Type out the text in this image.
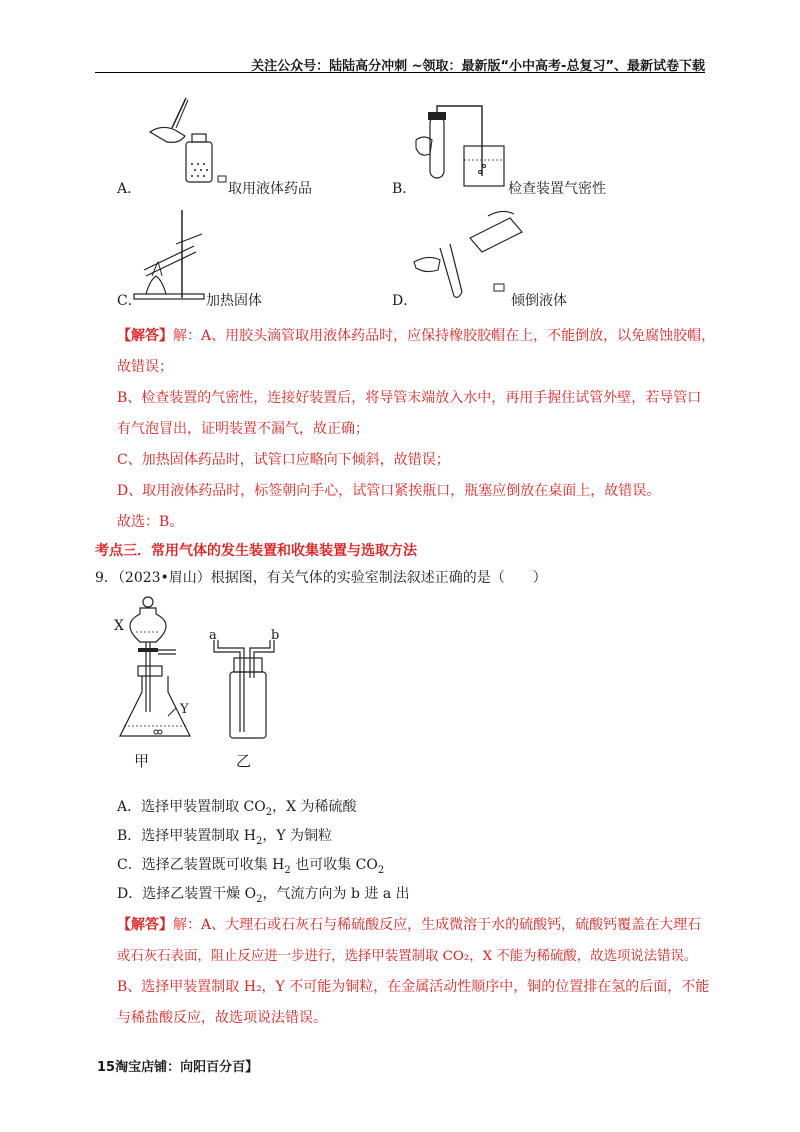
关注公众号：陆陆高分冲刺 ~领取：最新版“小中高考-总复习”、最新试卷下载
A．	取用液体药品	B．	检查装置气密性
C．	加热固体	D．	倾倒液体
【解答】解：A、用胶头滴管取用液体药品时，应保持橡胶胶帽在上，不能倒放，以免腐蚀胶帽，
故错误；
B、检查装置的气密性，连接好装置后，将导管末端放入水中，再用手握住试管外壁，若导管口
有气泡冒出，证明装置不漏气，故正确；
C、加热固体药品时，试管口应略向下倾斜，故错误；
D、取用液体药品时，标签朝向手心，试管口紧挨瓶口，瓶塞应倒放在桌面上，故错误。
故选：B。
考点三．常用气体的发生装置和收集装置与选取方法
9．（2023•眉山）根据图，有关气体的实验室制法叙述正确的是（　　）
X
Y
a	b
甲	乙
A．选择甲装置制取 $CO_2$，X 为稀硫酸
B．选择甲装置制取 $H_2$，Y 为铜粒
C．选择乙装置既可收集 $H_2$ 也可收集 $CO_2$
D．选择乙装置干燥 $O_2$，气流方向为 b 进 a 出
【解答】解：A、大理石或石灰石与稀硫酸反应，生成微溶于水的硫酸钙，硫酸钙覆盖在大理石
或石灰石表面，阻止反应进一步进行，选择甲装置制取 CO₂，X 不能为稀硫酸，故选项说法错误。
B、选择甲装置制取 H₂，Y 不可能为铜粒，在金属活动性顺序中，铜的位置排在氢的后面，不能
与稀盐酸反应，故选项说法错误。
15淘宝店铺：向阳百分百】
